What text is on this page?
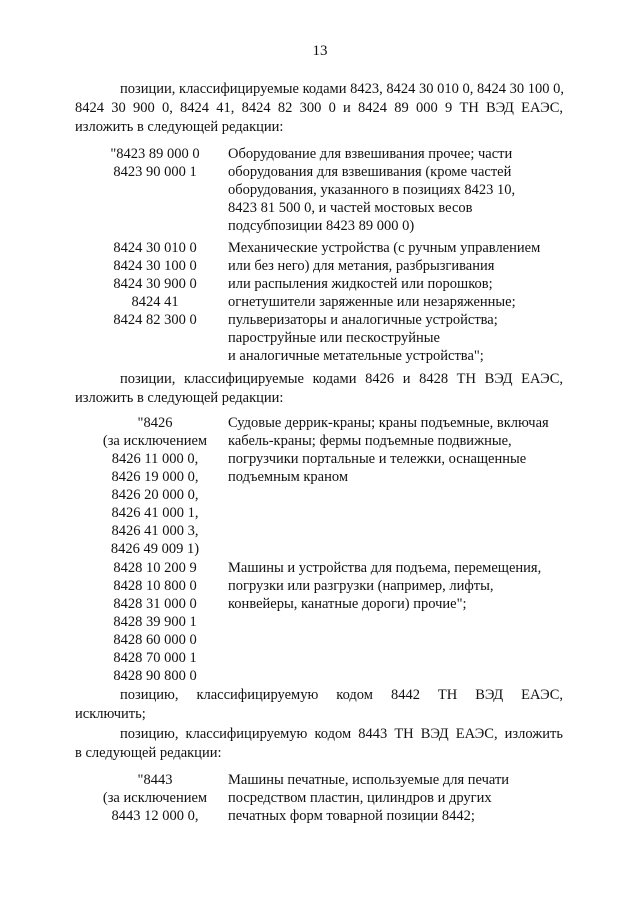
13
позиции, классифицируемые кодами 8423, 8424 30 010 0, 8424 30 100 0,
8424 30 900 0, 8424 41, 8424 82 300 0 и 8424 89 000 9 ТН ВЭД ЕАЭС,
изложить в следующей редакции:
"8423 89 000 0
8423 90 000 1
Оборудование для взвешивания прочее; части
оборудования для взвешивания (кроме частей
оборудования, указанного в позициях 8423 10,
8423 81 500 0, и частей мостовых весов
подсубпозиции 8423 89 000 0)
8424 30 010 0
8424 30 100 0
8424 30 900 0
8424 41
8424 82 300 0
Механические устройства (с ручным управлением
или без него) для метания, разбрызгивания
или распыления жидкостей или порошков;
огнетушители заряженные или незаряженные;
пульверизаторы и аналогичные устройства;
пароструйные или пескоструйные
и аналогичные метательные устройства";
позиции, классифицируемые кодами 8426 и 8428 ТН ВЭД ЕАЭС,
изложить в следующей редакции:
"8426
(за исключением
8426 11 000 0,
8426 19 000 0,
8426 20 000 0,
8426 41 000 1,
8426 41 000 3,
8426 49 009 1)
Судовые деррик-краны; краны подъемные, включая
кабель-краны; фермы подъемные подвижные,
погрузчики портальные и тележки, оснащенные
подъемным краном
8428 10 200 9
8428 10 800 0
8428 31 000 0
8428 39 900 1
8428 60 000 0
8428 70 000 1
8428 90 800 0
Машины и устройства для подъема, перемещения,
погрузки или разгрузки (например, лифты,
конвейеры, канатные дороги) прочие";
позицию, классифицируемую кодом 8442 ТН ВЭД ЕАЭС,
исключить;
позицию, классифицируемую кодом 8443 ТН ВЭД ЕАЭС, изложить
в следующей редакции:
"8443
(за исключением
8443 12 000 0,
Машины печатные, используемые для печати
посредством пластин, цилиндров и других
печатных форм товарной позиции 8442;
